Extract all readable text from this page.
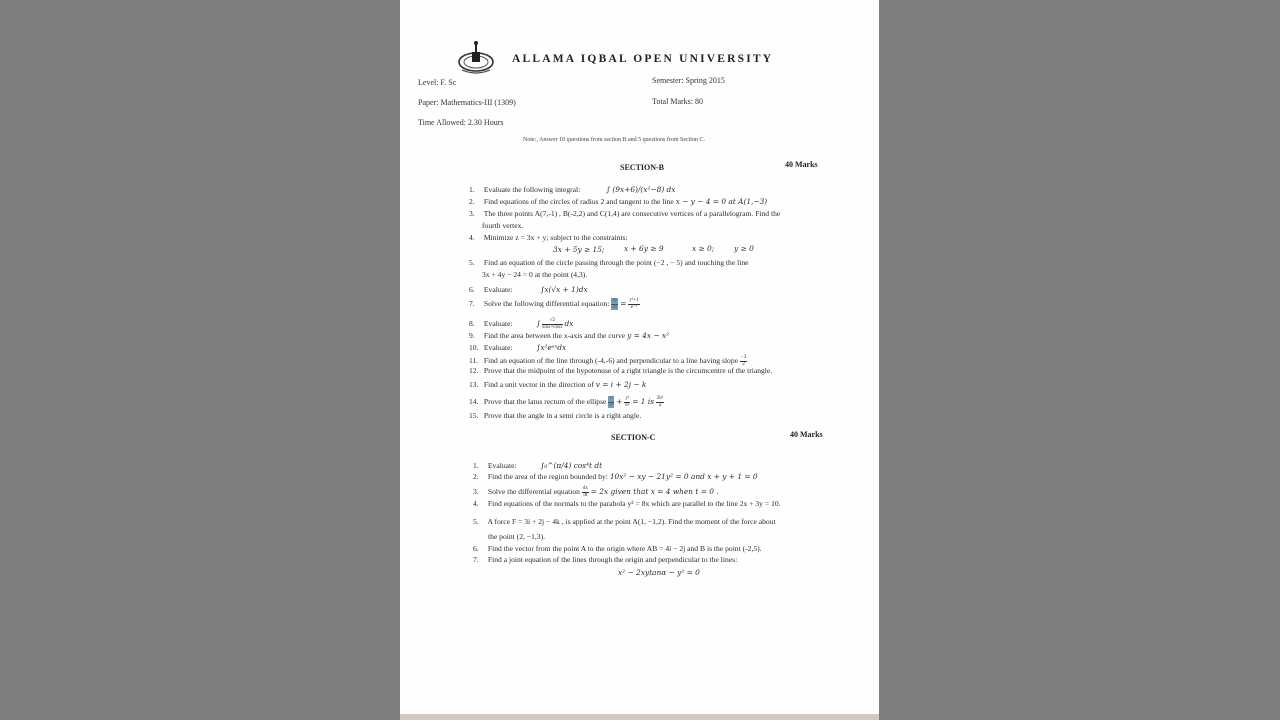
ALLAMA IQBAL OPEN UNIVERSITY
Level: F. Sc	Semester: Spring 2015
Paper: Mathematics-III (1309)	Total Marks: 80
Time Allowed: 2.30 Hours
Note:, Answer 10 questions from section B and 5 questions from Section C.
SECTION-B	40 Marks
1. Evaluate the following integral:	∫ (9x+6)/(x²−8) dx
2. Find equations of the circles of radius 2 and tangent to the line x − y − 4 = 0 at A(1,−3)
3. The three points A(7,-1) , B(-2,2) and C(1,4) are consecutive vertices of a parallelogram. Find the
fourth vertex.
4. Minimize z = 3x + y; subject to the constraints:
3x + 5y ≥ 15;	x + 6y ≥ 9	x ≥ 0;	y ≥ 0
5. Find an equation of the circle passing through the point (−2 , − 5) and touching the line
3x + 4y − 24 = 0 at the point (4,3).
6. Evaluate:	∫x(√x + 1)dx
7. Solve the following differential equation: $\frac{dy}{dx} = \frac{\text{y²+1}}{\text{e⁻ˣ}}$
8. Evaluate:	∫ $\frac{√2}{\sin x+\cos x}$ dx
9. Find the area between the x-axis and the curve y = 4x − x²
10. Evaluate:	∫x²eᵃˣdx
11. Find an equation of the line through (-4,-6) and perpendicular to a line having slope $\frac{-3}{2}$
12. Prove that the midpoint of the hypotenuse of a right triangle is the circumcentre of the triangle.
13. Find a unit vector in the direction of v = i + 2j − k
14. Prove that the latus rectum of the ellipse $\frac{\text{x²}}{\text{a²}} + \frac{\text{y²}}{\text{b²}} = 1$ is $\frac{\text{2b²}}{a}$
15. Prove that the angle in a semi circle is a right angle.
SECTION-C	40 Marks
1. Evaluate:	∫₀^(π/4) cos⁴t dt
2. Find the area of the region bounded by: 10x² − xy − 21y² = 0 and x + y + 1 = 0
3. Solve the differential equation $\frac{dx}{dt} = 2x$ given that x = 4 when t = 0 .
4. Find equations of the normals to the parabola y² = 8x which are parallel to the line 2x + 3y = 10.
5. A force F = 3i + 2j − 4k , is applied at the point A(1, −1,2). Find the moment of the force about
the point (2, −1,3).
6. Find the vector from the point A to the origin where AB = 4i − 2j and B is the point (-2,5).
7. Find a joint equation of the lines through the origin and perpendicular to the lines:
x² − 2xytanα − y² = 0
